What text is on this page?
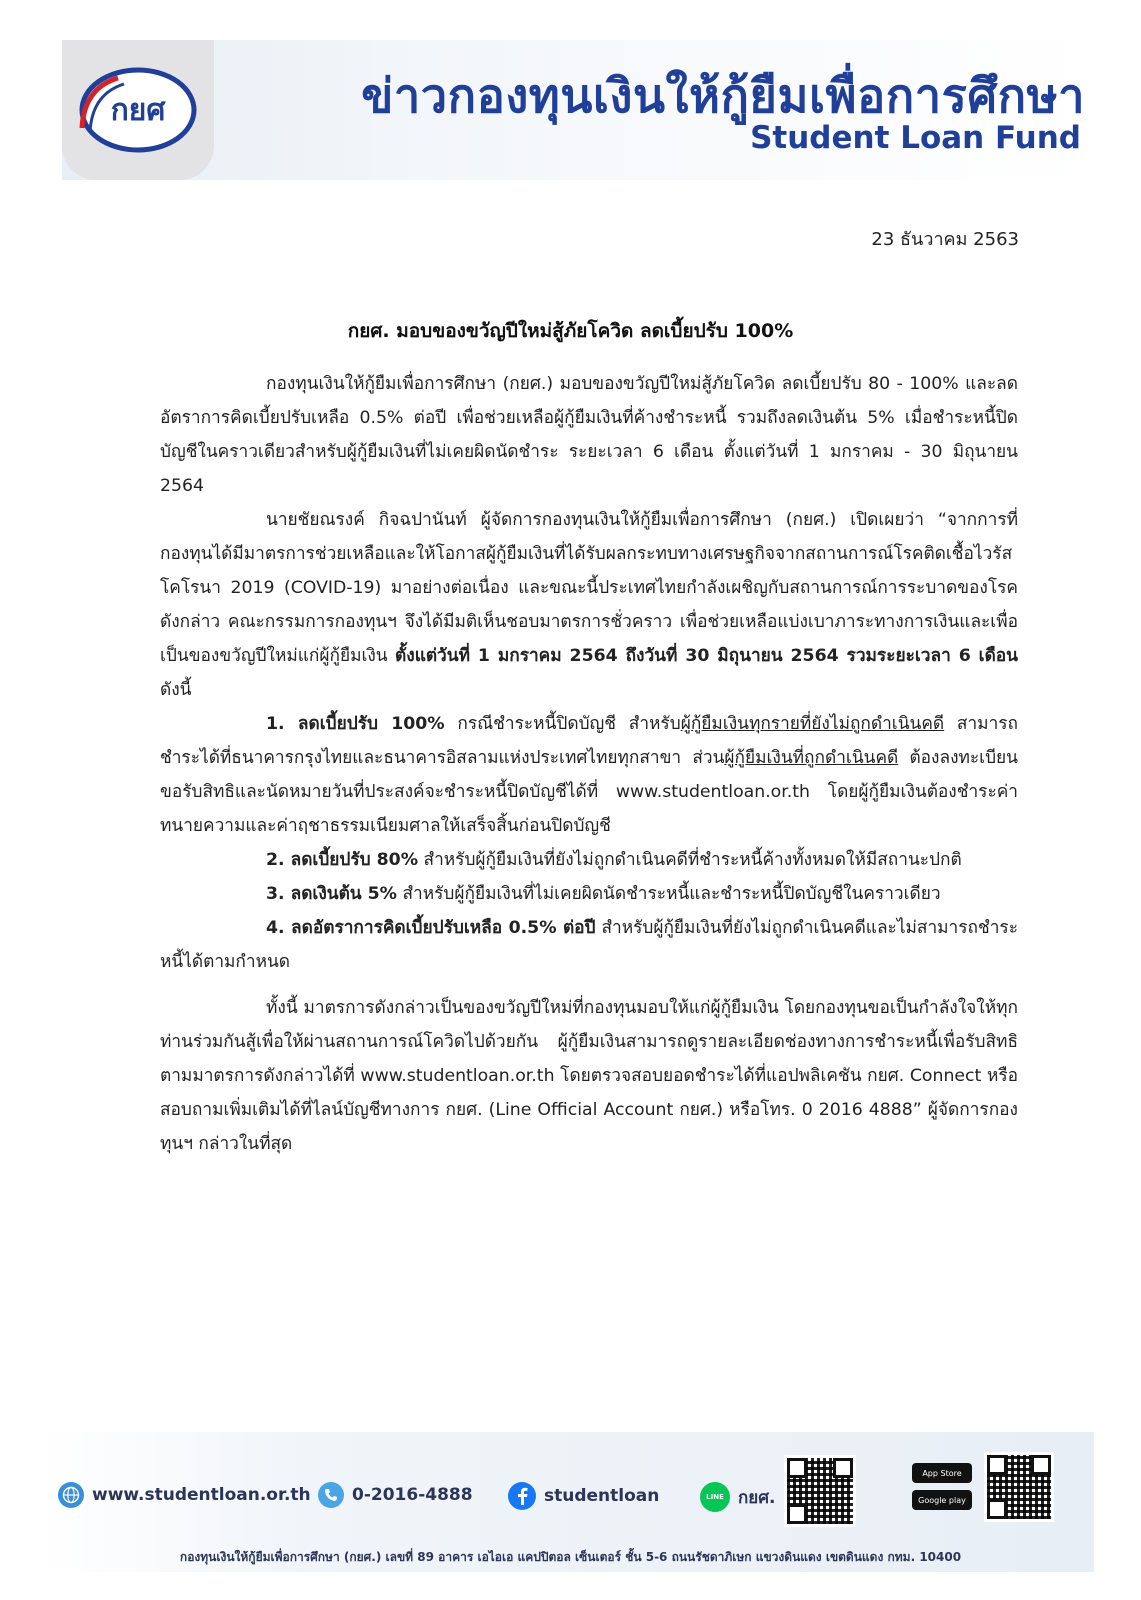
กยศ	ข่าวกองทุนเงินให้กู้ยืมเพื่อการศึกษา
Student Loan Fund
23 ธันวาคม 2563
กยศ. มอบของขวัญปีใหม่สู้ภัยโควิด ลดเบี้ยปรับ 100%

กองทุนเงินให้กู้ยืมเพื่อการศึกษา (กยศ.) มอบของขวัญปีใหม่สู้ภัยโควิด ลดเบี้ยปรับ 80 - 100% และลดอัตราการคิดเบี้ยปรับเหลือ 0.5% ต่อปี เพื่อช่วยเหลือผู้กู้ยืมเงินที่ค้างชำระหนี้ รวมถึงลดเงินต้น 5% เมื่อชำระหนี้ปิดบัญชีในคราวเดียวสำหรับผู้กู้ยืมเงินที่ไม่เคยผิดนัดชำระ ระยะเวลา 6 เดือน ตั้งแต่วันที่ 1 มกราคม - 30 มิถุนายน 2564

นายชัยณรงค์ กิจฉปานันท์ ผู้จัดการกองทุนเงินให้กู้ยืมเพื่อการศึกษา (กยศ.) เปิดเผยว่า “จากการที่กองทุนได้มีมาตรการช่วยเหลือและให้โอกาสผู้กู้ยืมเงินที่ได้รับผลกระทบทางเศรษฐกิจจากสถานการณ์โรคติดเชื้อไวรัสโคโรนา 2019 (COVID-19) มาอย่างต่อเนื่อง และขณะนี้ประเทศไทยกำลังเผชิญกับสถานการณ์การระบาดของโรคดังกล่าว คณะกรรมการกองทุนฯ จึงได้มีมติเห็นชอบมาตรการชั่วคราว เพื่อช่วยเหลือแบ่งเบาภาระทางการเงินและเพื่อเป็นของขวัญปีใหม่แก่ผู้กู้ยืมเงิน ตั้งแต่วันที่ 1 มกราคม 2564 ถึงวันที่ 30 มิถุนายน 2564 รวมระยะเวลา 6 เดือน ดังนี้

1. ลดเบี้ยปรับ 100% กรณีชำระหนี้ปิดบัญชี สำหรับผู้กู้ยืมเงินทุกรายที่ยังไม่ถูกดำเนินคดี สามารถชำระได้ที่ธนาคารกรุงไทยและธนาคารอิสลามแห่งประเทศไทยทุกสาขา ส่วนผู้กู้ยืมเงินที่ถูกดำเนินคดี ต้องลงทะเบียนขอรับสิทธิและนัดหมายวันที่ประสงค์จะชำระหนี้ปิดบัญชีได้ที่ www.studentloan.or.th โดยผู้กู้ยืมเงินต้องชำระค่าทนายความและค่าฤชาธรรมเนียมศาลให้เสร็จสิ้นก่อนปิดบัญชี

2. ลดเบี้ยปรับ 80% สำหรับผู้กู้ยืมเงินที่ยังไม่ถูกดำเนินคดีที่ชำระหนี้ค้างทั้งหมดให้มีสถานะปกติ

3. ลดเงินต้น 5% สำหรับผู้กู้ยืมเงินที่ไม่เคยผิดนัดชำระหนี้และชำระหนี้ปิดบัญชีในคราวเดียว

4. ลดอัตราการคิดเบี้ยปรับเหลือ 0.5% ต่อปี สำหรับผู้กู้ยืมเงินที่ยังไม่ถูกดำเนินคดีและไม่สามารถชำระหนี้ได้ตามกำหนด

ทั้งนี้ มาตรการดังกล่าวเป็นของขวัญปีใหม่ที่กองทุนมอบให้แก่ผู้กู้ยืมเงิน โดยกองทุนขอเป็นกำลังใจให้ทุกท่านร่วมกันสู้เพื่อให้ผ่านสถานการณ์โควิดไปด้วยกัน ผู้กู้ยืมเงินสามารถดูรายละเอียดช่องทางการชำระหนี้เพื่อรับสิทธิตามมาตรการดังกล่าวได้ที่ www.studentloan.or.th โดยตรวจสอบยอดชำระได้ที่แอปพลิเคชัน กยศ. Connect หรือสอบถามเพิ่มเติมได้ที่ไลน์บัญชีทางการ กยศ. (Line Official Account กยศ.) หรือโทร. 0 2016 4888” ผู้จัดการกองทุนฯ กล่าวในที่สุด

www.studentloan.or.th 0-2016-4888	studentloan	LINE กยศ.
App Store
Google play
กองทุนเงินให้กู้ยืมเพื่อการศึกษา (กยศ.) เลขที่ 89 อาคาร เอไอเอ แคปปิตอล เซ็นเตอร์ ชั้น 5-6 ถนนรัชดาภิเษก แขวงดินแดง เขตดินแดง กทม. 10400
